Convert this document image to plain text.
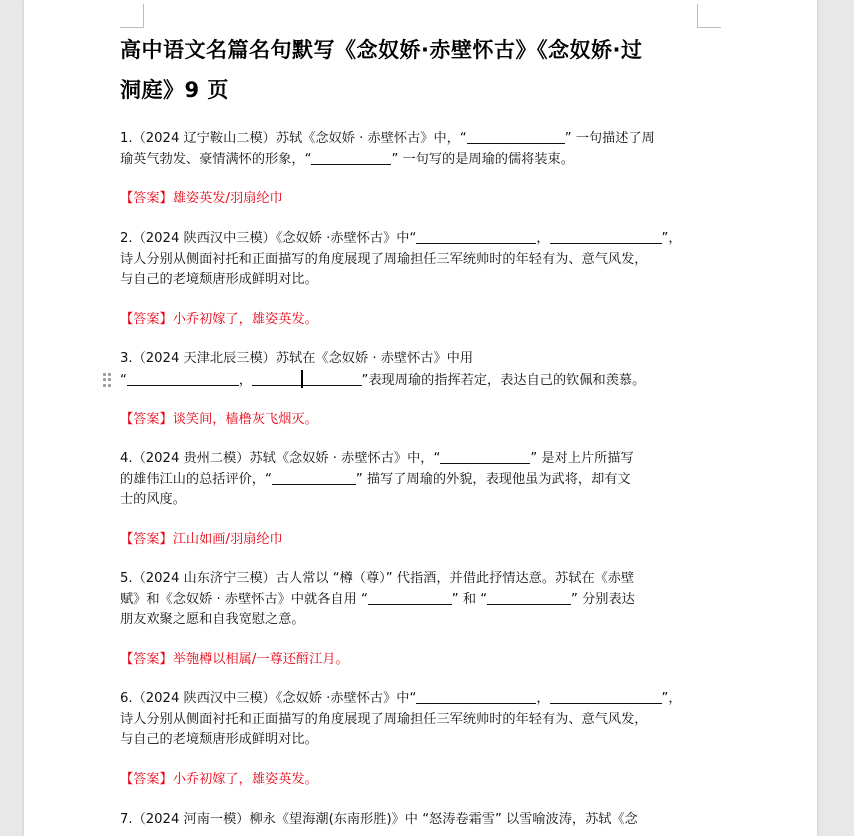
高中语文名篇名句默写《念奴娇·赤壁怀古》《念奴娇·过
洞庭》9 页
1.（2024 辽宁鞍山二模）苏轼《念奴娇 · 赤壁怀古》中，“	” 一句描述了周
瑜英气勃发、豪情满怀的形象，“	” 一句写的是周瑜的儒将装束。
【答案】雄姿英发/羽扇纶巾
2.（2024 陕西汉中三模）《念奴娇 ·赤壁怀古》中“	，	”，
诗人分别从侧面衬托和正面描写的角度展现了周瑜担任三军统帅时的年轻有为、意气风发，
与自己的老境颓唐形成鲜明对比。
【答案】小乔初嫁了，雄姿英发。
3.（2024 天津北辰三模）苏轼在《念奴娇 · 赤壁怀古》中用
“	，	”表现周瑜的指挥若定，表达自己的钦佩和羡慕。
【答案】谈笑间，樯橹灰飞烟灭。
4.（2024 贵州二模）苏轼《念奴娇 · 赤壁怀古》中，“	” 是对上片所描写
的雄伟江山的总括评价，“	” 描写了周瑜的外貌，表现他虽为武将，却有文
士的风度。
【答案】江山如画/羽扇纶巾
5.（2024 山东济宁三模）古人常以 “樽（尊）” 代指酒，并借此抒情达意。苏轼在《赤壁
赋》和《念奴娇 · 赤壁怀古》中就各自用 “	” 和 “	” 分别表达
朋友欢聚之愿和自我宽慰之意。
【答案】举匏樽以相属/一尊还酹江月。
6.（2024 陕西汉中三模）《念奴娇 ·赤壁怀古》中“	，	”，
诗人分别从侧面衬托和正面描写的角度展现了周瑜担任三军统帅时的年轻有为、意气风发，
与自己的老境颓唐形成鲜明对比。
【答案】小乔初嫁了，雄姿英发。
7.（2024 河南一模）柳永《望海潮(东南形胜)》中 “怒涛卷霜雪” 以雪喻波涛，苏轼《念
